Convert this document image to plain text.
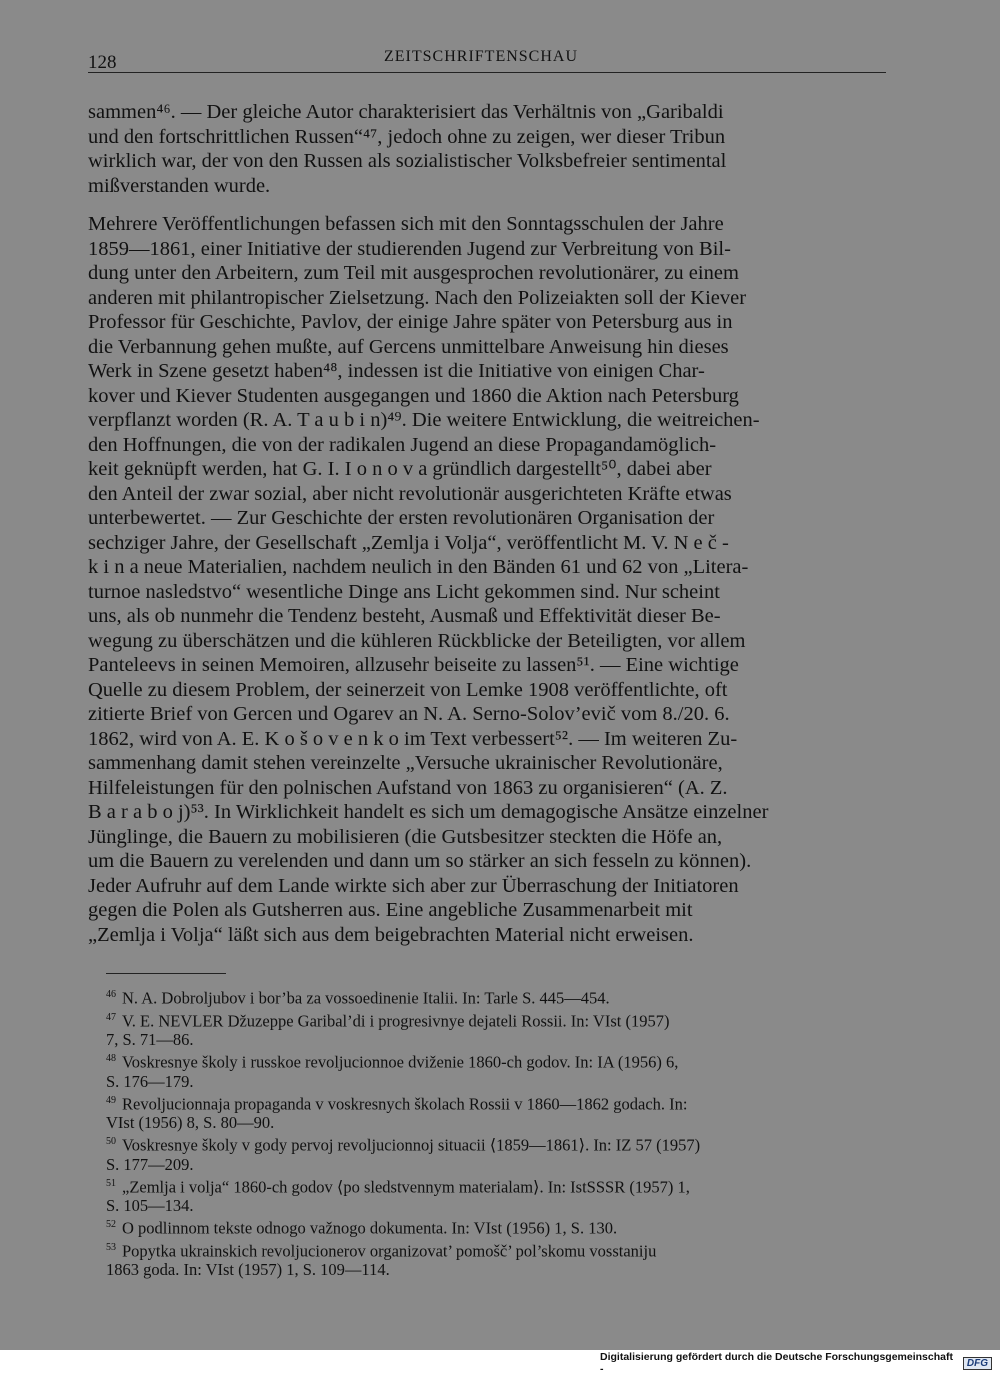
128	ZEITSCHRIFTENSCHAU
sammen⁴⁶. — Der gleiche Autor charakterisiert das Verhältnis von „Garibaldi
und den fortschrittlichen Russen“⁴⁷, jedoch ohne zu zeigen, wer dieser Tribun
wirklich war, der von den Russen als sozialistischer Volksbefreier sentimental
mißverstanden wurde.
Mehrere Veröffentlichungen befassen sich mit den Sonntagsschulen der Jahre
1859—1861, einer Initiative der studierenden Jugend zur Verbreitung von Bil-
dung unter den Arbeitern, zum Teil mit ausgesprochen revolutionärer, zu einem
anderen mit philantropischer Zielsetzung. Nach den Polizeiakten soll der Kiever
Professor für Geschichte, Pavlov, der einige Jahre später von Petersburg aus in
die Verbannung gehen mußte, auf Gercens unmittelbare Anweisung hin dieses
Werk in Szene gesetzt haben⁴⁸, indessen ist die Initiative von einigen Char-
kover und Kiever Studenten ausgegangen und 1860 die Aktion nach Petersburg
verpflanzt worden (R. A. T a u b i n)⁴⁹. Die weitere Entwicklung, die weitreichen-
den Hoffnungen, die von der radikalen Jugend an diese Propagandamöglich-
keit geknüpft werden, hat G. I. I o n o v a gründlich dargestellt⁵⁰, dabei aber
den Anteil der zwar sozial, aber nicht revolutionär ausgerichteten Kräfte etwas
unterbewertet. — Zur Geschichte der ersten revolutionären Organisation der
sechziger Jahre, der Gesellschaft „Zemlja i Volja“, veröffentlicht M. V. N e č -
k i n a neue Materialien, nachdem neulich in den Bänden 61 und 62 von „Litera-
turnoe nasledstvo“ wesentliche Dinge ans Licht gekommen sind. Nur scheint
uns, als ob nunmehr die Tendenz besteht, Ausmaß und Effektivität dieser Be-
wegung zu überschätzen und die kühleren Rückblicke der Beteiligten, vor allem
Panteleevs in seinen Memoiren, allzusehr beiseite zu lassen⁵¹. — Eine wichtige
Quelle zu diesem Problem, der seinerzeit von Lemke 1908 veröffentlichte, oft
zitierte Brief von Gercen und Ogarev an N. A. Serno-Solov’evič vom 8./20. 6.
1862, wird von A. E. K o š o v e n k o im Text verbessert⁵². — Im weiteren Zu-
sammenhang damit stehen vereinzelte „Versuche ukrainischer Revolutionäre,
Hilfeleistungen für den polnischen Aufstand von 1863 zu organisieren“ (A. Z.
B a r a b o j)⁵³. In Wirklichkeit handelt es sich um demagogische Ansätze einzelner
Jünglinge, die Bauern zu mobilisieren (die Gutsbesitzer steckten die Höfe an,
um die Bauern zu verelenden und dann um so stärker an sich fesseln zu können).
Jeder Aufruhr auf dem Lande wirkte sich aber zur Überraschung der Initiatoren
gegen die Polen als Gutsherren aus. Eine angebliche Zusammenarbeit mit
„Zemlja i Volja“ läßt sich aus dem beigebrachten Material nicht erweisen.
$^{46}$ N. A. Dobroljubov i bor’ba za vossoedinenie Italii. In: Tarle S. 445—454.
$^{47}$ V. E. NEVLER Džuzeppe Garibal’di i progresivnye dejateli Rossii. In: VIst (1957)
7, S. 71—86.
$^{48}$ Voskresnye školy i russkoe revoljucionnoe dviženie 1860-ch godov. In: IA (1956) 6,
S. 176—179.
$^{49}$ Revoljucionnaja propaganda v voskresnych školach Rossii v 1860—1862 godach. In:
VIst (1956) 8, S. 80—90.
$^{50}$ Voskresnye školy v gody pervoj revoljucionnoj situacii ⟨1859—1861⟩. In: IZ 57 (1957)
S. 177—209.
$^{51}$ „Zemlja i volja“ 1860-ch godov ⟨po sledstvennym materialam⟩. In: IstSSSR (1957) 1,
S. 105—134.
$^{52}$ O podlinnom tekste odnogo važnogo dokumenta. In: VIst (1956) 1, S. 130.
$^{53}$ Popytka ukrainskich revoljucionerov organizovat’ pomošč’ pol’skomu vosstaniju
1863 goda. In: VIst (1957) 1, S. 109—114.
Digitalisierung gefördert durch die Deutsche Forschungsgemeinschaft -	DFG
